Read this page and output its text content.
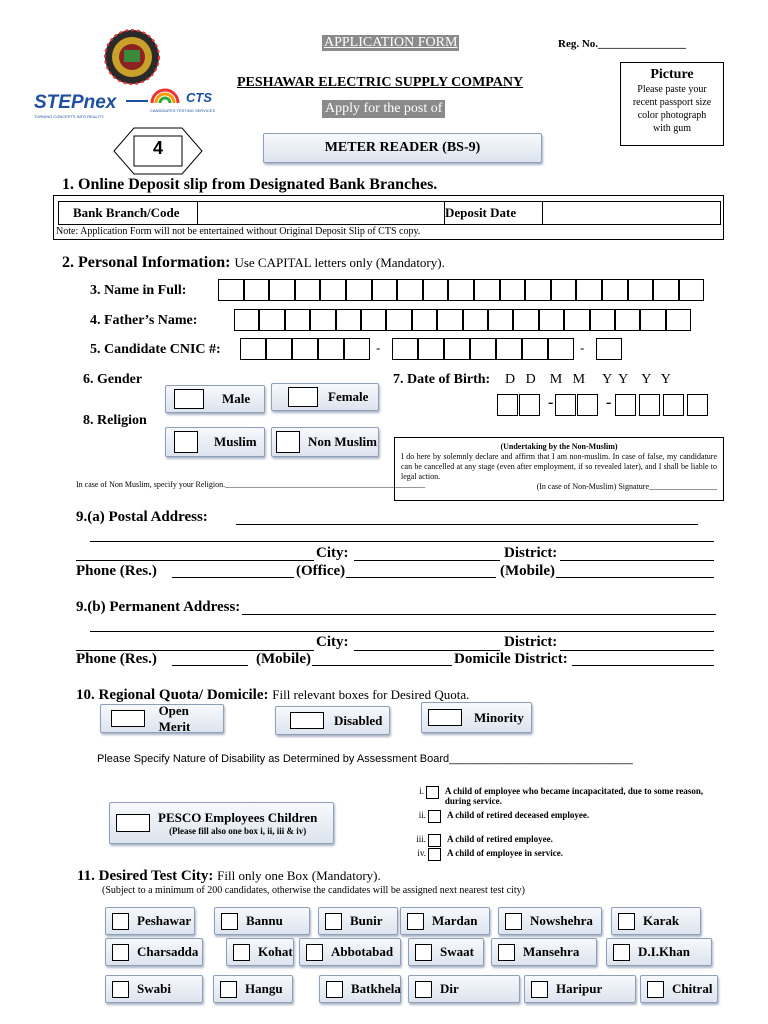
STEPnex
TURNING CONCEPTS INTO REALITY
CTS
CANDIDATES TESTING SERVICES
APPLICATION FORM	Reg. No.________________
PESHAWAR ELECTRIC SUPPLY COMPANY
Apply for the post of
Picture
Please paste your recent passport size color photograph with gum
4	METER READER (BS-9)
1. Online Deposit slip from Designated Bank Branches.
Bank Branch/Code	Deposit Date
Note: Application Form will not be entertained without Original Deposit Slip of CTS copy.
2. Personal Information: Use CAPITAL letters only (Mandatory).
3. Name in Full:
4. Father’s Name:
5. Candidate CNIC #:	-	-
6. Gender
Male	Female
7. Date of Birth: D   D    M   M     Y  Y    Y   Y
-	-
8. Religion
Muslim	Non Muslim
In case of Non Muslim, specify your Religion.__________________________________________________
(Undertaking by the Non-Muslim)
I do here by solemnly declare and affirm that I am non-muslim. In case of false, my candidature can be cancelled at any stage (even after employment, if so revealed later), and I shall be liable to legal action.
(In case of Non-Muslim) Signature_________________
9.(a) Postal Address:
City:	District:
Phone (Res.)	(Office)	(Mobile)
9.(b) Permanent Address:
City:	District:
Phone (Res.)	(Mobile)	Domicile District:
10. Regional Quota/ Domicile: Fill relevant boxes for Desired Quota.
Open Merit	Disabled	Minority
Please Specify Nature of Disability as Determined by Assessment Board______________________________
PESCO Employees Children
(Please fill also one box i, ii, iii & iv)
i. A child of employee who became incapacitated, due to some reason, during service.
ii. A child of retired deceased employee.
iii. A child of retired employee.
iv. A child of employee in service.
11. Desired Test City: Fill only one Box (Mandatory).
(Subject to a minimum of 200 candidates, otherwise the candidates will be assigned next nearest test city)
Peshawar	Bannu	Bunir	Mardan	Nowshehra	Karak
Charsadda	Kohat	Abbotabad	Swaat	Mansehra	D.I.Khan
Swabi	Hangu	Batkhela	Dir	Haripur	Chitral
